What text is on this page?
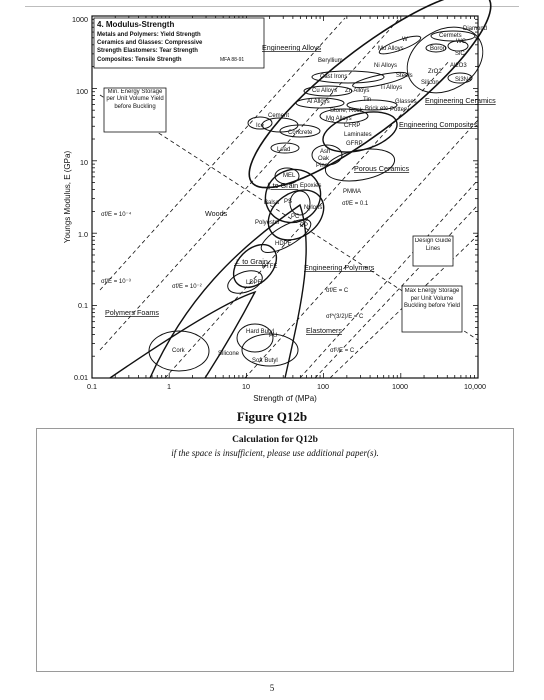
1000
100
10
1.0
0.1
0.01
0.1	1	10	100	1000	10,000
Strength σf (MPa)
Youngs Modulus, E (GPa)
4. Modulus-Strength
Metals and Polymers: Yield Strength
Ceramics and Glasses: Compressive
Strength Elastomers: Tear Strength
Composites: Tensile Strength	MFA 88-91
Engineering Alloys
Beryllium
Mo Alloys
W
Cermets
Diamond
WC
Boron
SiC
Al2O3
ZrO2
Si3N4
Cast Irons
Ni Alloys
Steels
Cu Alloys Zn Alloys Ti Alloys
Silicon
Tin	Glasses Engineering Ceramics
Al Alloys
Stone, Rock Brick etc Pottery
Cement	Mg Alloys
Ice
Concrete
CFRP
Laminates
GFRP
Engineering Composites
Lead	Ash
Oak
Pine	Porous Ceramics
MEL
∥ to Grain Epoxies
PMMA
Balsa PS
Nylons
Woods
Polyester
PC
PP
HDPE
⊥ to Grain
PTFE
LDPE
Engineering Polymers
Elastomers
Polymers Foams
Cork
Hard Butyl
PU
Silicone
Soft Butyl
Min. Energy Storage per Unit Volume Yield before Buckling
Design Guide Lines
Max Energy Storage per Unit Volume Buckling before Yield
σf/E = 10⁻⁴
σf/E = 10⁻³
σf/E = 10⁻²
σf/E = 0.1
σf/E = C
σf^(3/2)/E = C
σf²/E = C
Figure Q12b
Calculation for Q12b
if the space is insufficient, please use additional paper(s).
5
